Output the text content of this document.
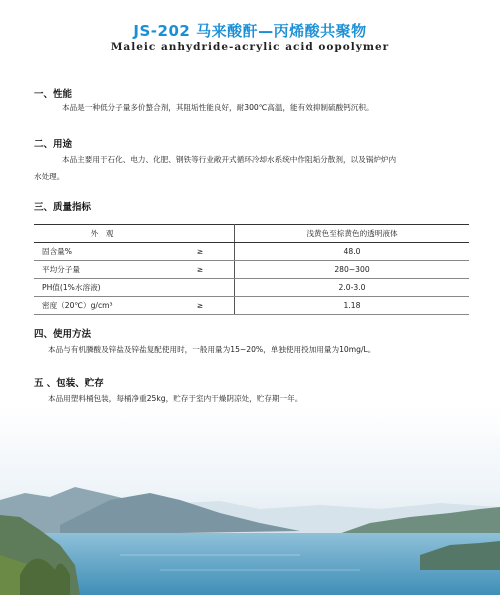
JS-202 马来酸酐—丙烯酸共聚物
Maleic anhydride-acrylic acid oopolymer
一、性能
本品是一种低分子量多价螯合剂，其阻垢性能良好，耐300℃高温，能有效抑制硫酸钙沉积。
二、用途
本品主要用于石化、电力、化肥、钢铁等行业敞开式循环冷却水系统中作阻垢分散剂，以及锅炉炉内
水处理。
三、质量指标
外　观		浅黄色至棕黄色的透明液体
固含量%	≥	48.0
平均分子量	≥	280~300
PH值(1%水溶液)		2.0-3.0
密度（20℃）g/cm³	≥	1.18
四、使用方法
本品与有机膦酸及锌盐及锌盐复配使用时，一般用量为15~20%，单独使用投加用量为10mg/L。
五 、包装、贮存
本品用塑料桶包装，每桶净重25kg，贮存于室内干燥阴凉处，贮存期一年。
